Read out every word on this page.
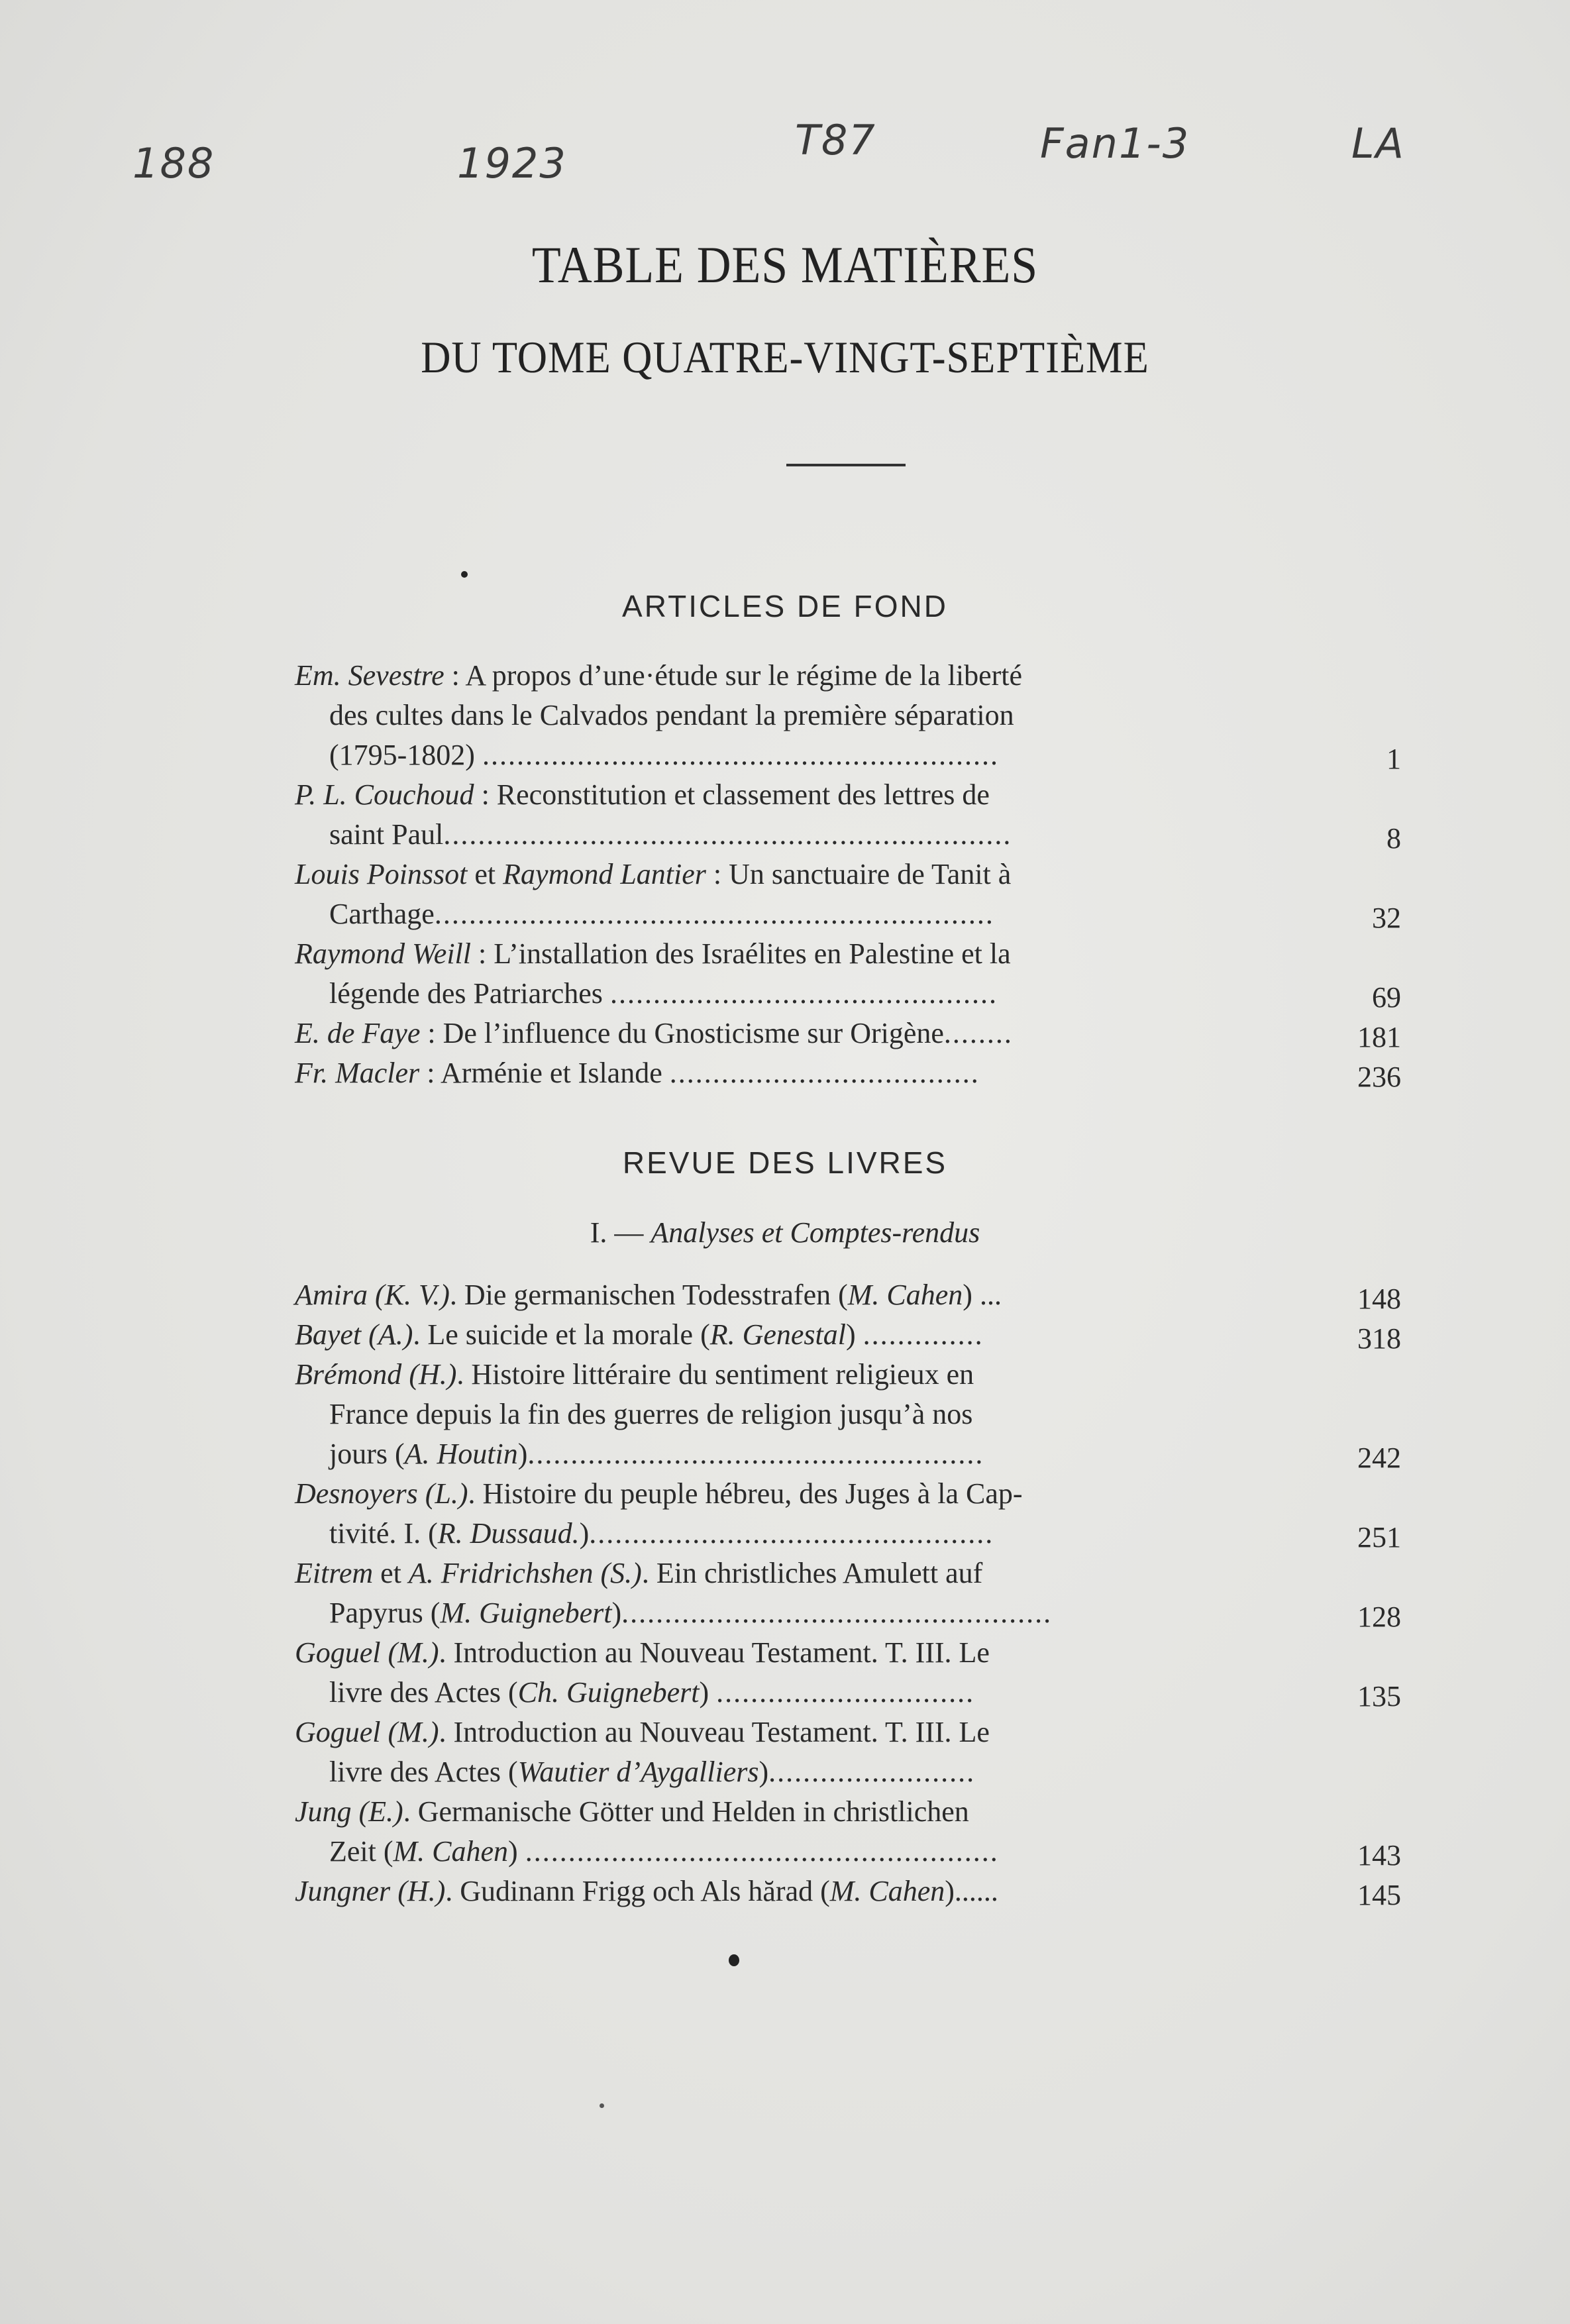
188	1923	T87	Fan1-3	LA
TABLE DES MATIÈRES
DU TOME QUATRE-VINGT-SEPTIÈME
ARTICLES DE FOND
Em. Sevestre : A propos d’une·étude sur le régime de la liberté
des cultes dans le Calvados pendant la première séparation
(1795-1802) ............................................................	1
P. L. Couchoud : Reconstitution et classement des lettres de
saint Paul..................................................................	8
Louis Poinssot et Raymond Lantier : Un sanctuaire de Tanit à
Carthage.................................................................	32
Raymond Weill : L’installation des Israélites en Palestine et la
légende des Patriarches .............................................	69
E. de Faye : De l’influence du Gnosticisme sur Origène........	181
Fr. Macler : Arménie et Islande ....................................	236
REVUE DES LIVRES
I. — Analyses et Comptes-rendus
Amira (K. V.). Die germanischen Todesstrafen (M. Cahen) ...	148
Bayet (A.). Le suicide et la morale (R. Genestal) ..............	318
Brémond (H.). Histoire littéraire du sentiment religieux en
France depuis la fin des guerres de religion jusqu’à nos
jours (A. Houtin).....................................................	242
Desnoyers (L.). Histoire du peuple hébreu, des Juges à la Cap-
tivité. I. (R. Dussaud.)...............................................	251
Eitrem et A. Fridrichshen (S.). Ein christliches Amulett auf
Papyrus (M. Guignebert)..................................................	128
Goguel (M.). Introduction au Nouveau Testament. T. III. Le
livre des Actes (Ch. Guignebert) ..............................	135
Goguel (M.). Introduction au Nouveau Testament. T. III. Le
livre des Actes (Wautier d’Aygalliers)........................
Jung (E.). Germanische Götter und Helden in christlichen
Zeit (M. Cahen) .......................................................	143
Jungner (H.). Gudinann Frigg och Als hărad (M. Cahen)......	145
